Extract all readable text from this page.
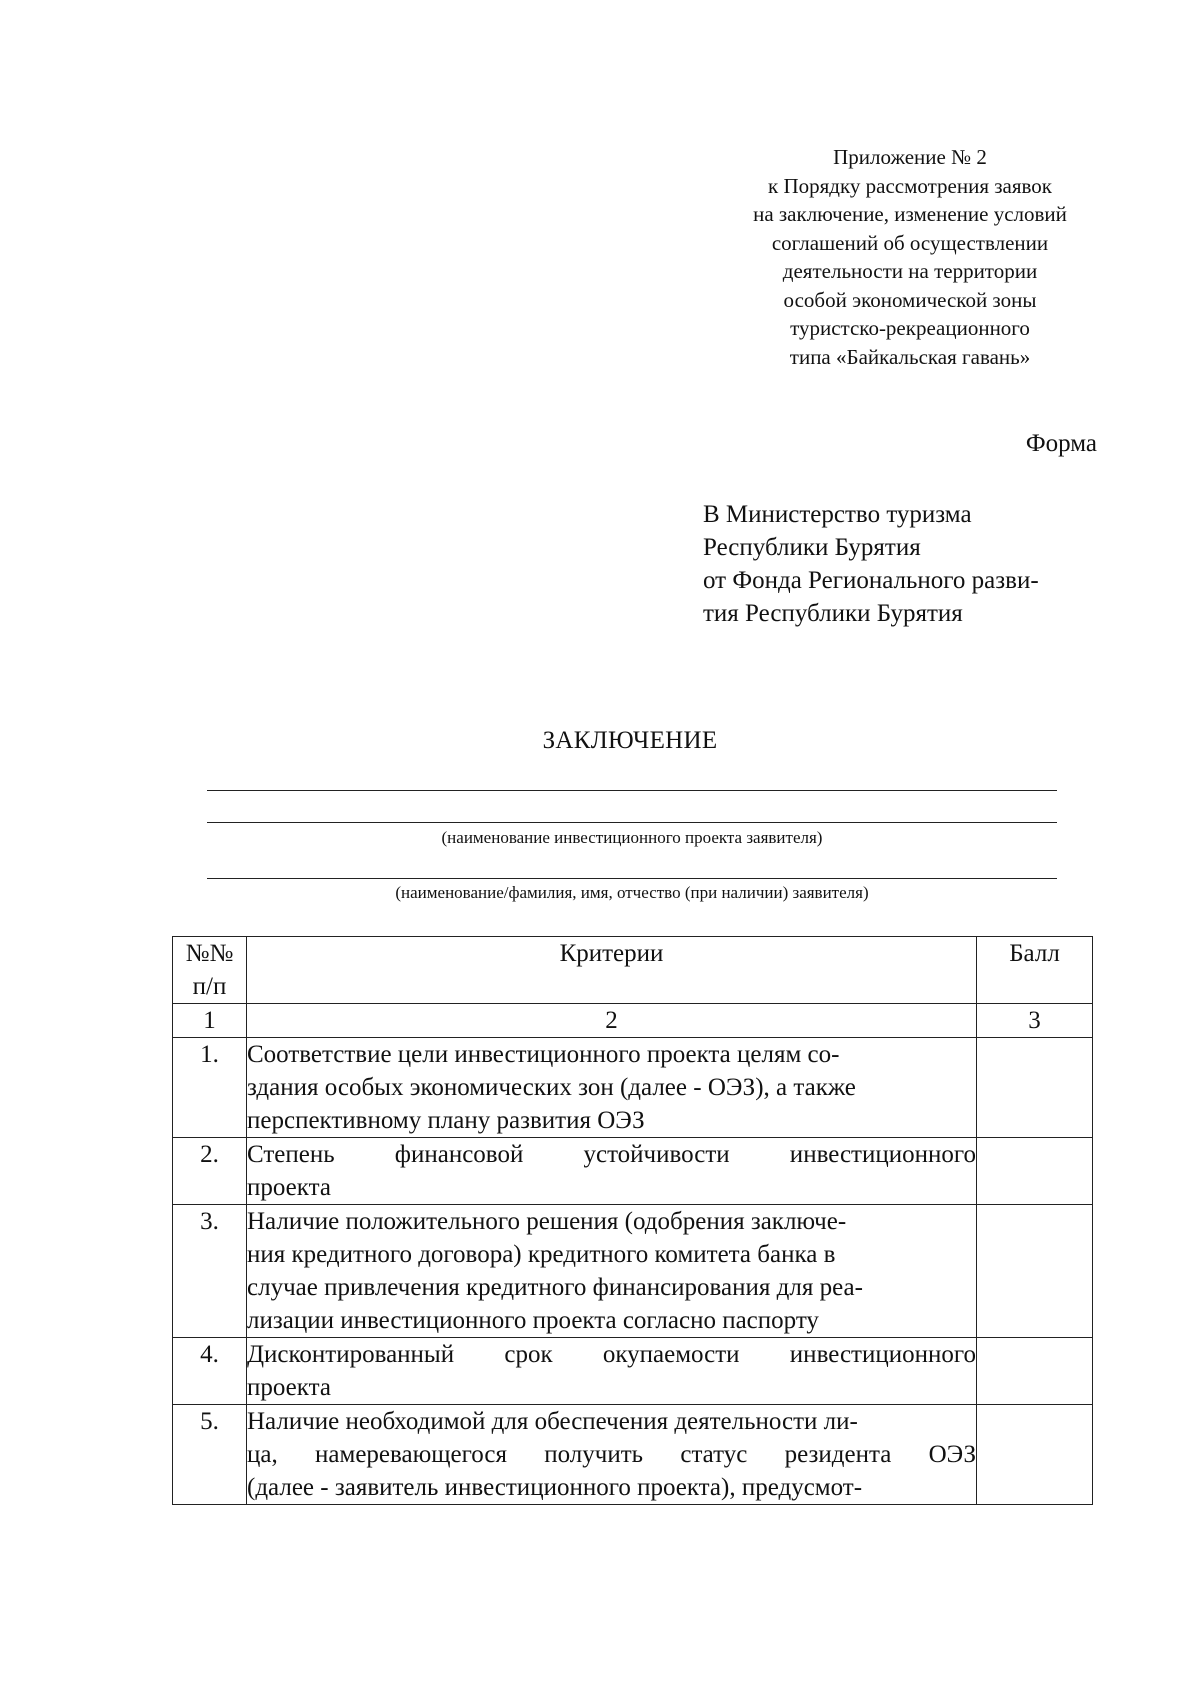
Приложение № 2
к Порядку рассмотрения заявок
на заключение, изменение условий
соглашений об осуществлении
деятельности на территории
особой экономической зоны
туристско-рекреационного
типа «Байкальская гавань»
Форма
В Министерство туризма
Республики Бурятия
от Фонда Регионального разви-
тия Республики Бурятия
ЗАКЛЮЧЕНИЕ
(наименование инвестиционного проекта заявителя)
(наименование/фамилия, имя, отчество (при наличии) заявителя)
№№
п/п	Критерии	Балл
1	2	3
1.	Соответствие цели инвестиционного проекта целям со-
здания особых экономических зон (далее - ОЭЗ), а также
перспективному плану развития ОЭЗ	

2.	Степень финансовой устойчивости инвестиционного
проекта	

3.	Наличие положительного решения (одобрения заключе-
ния кредитного договора) кредитного комитета банка в
случае привлечения кредитного финансирования для реа-
лизации инвестиционного проекта согласно паспорту	

4.	Дисконтированный срок окупаемости инвестиционного
проекта	

5.	Наличие необходимой для обеспечения деятельности ли-
ца, намеревающегося получить статус резидента ОЭЗ
(далее - заявитель инвестиционного проекта), предусмот-	
